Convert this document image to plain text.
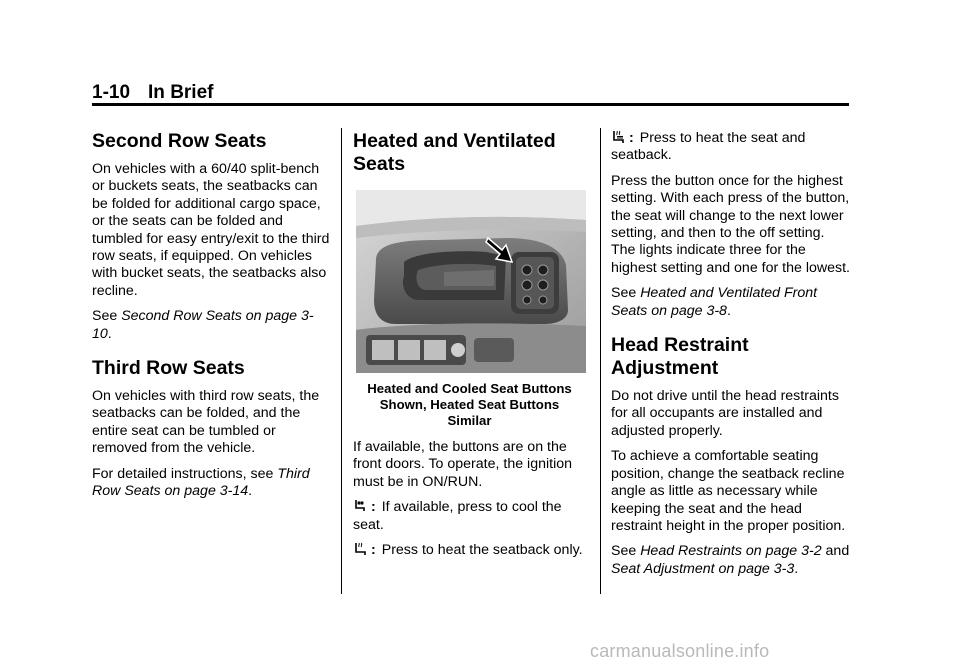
1-10 In Brief
Second Row Seats

On vehicles with a 60/40 split-bench or buckets seats, the seatbacks can be folded for additional cargo space, or the seats can be folded and tumbled for easy entry/exit to the third row seats, if equipped. On vehicles with bucket seats, the seatbacks also recline.

See Second Row Seats on page 3-10.

Third Row Seats

On vehicles with third row seats, the seatbacks can be folded, and the entire seat can be tumbled or removed from the vehicle.

For detailed instructions, see Third Row Seats on page 3-14.

Heated and Ventilated Seats
Heated and Cooled Seat Buttons
Shown, Heated Seat Buttons
Similar

If available, the buttons are on the front doors. To operate, the ignition must be in ON/RUN.

: If available, press to cool the seat.

: Press to heat the seatback only.

: Press to heat the seat and seatback.

Press the button once for the highest setting. With each press of the button, the seat will change to the next lower setting, and then to the off setting. The lights indicate three for the highest setting and one for the lowest.

See Heated and Ventilated Front Seats on page 3-8.

Head Restraint Adjustment

Do not drive until the head restraints for all occupants are installed and adjusted properly.

To achieve a comfortable seating position, change the seatback recline angle as little as necessary while keeping the seat and the head restraint height in the proper position.

See Head Restraints on page 3-2 and Seat Adjustment on page 3-3.

carmanualsonline.info
